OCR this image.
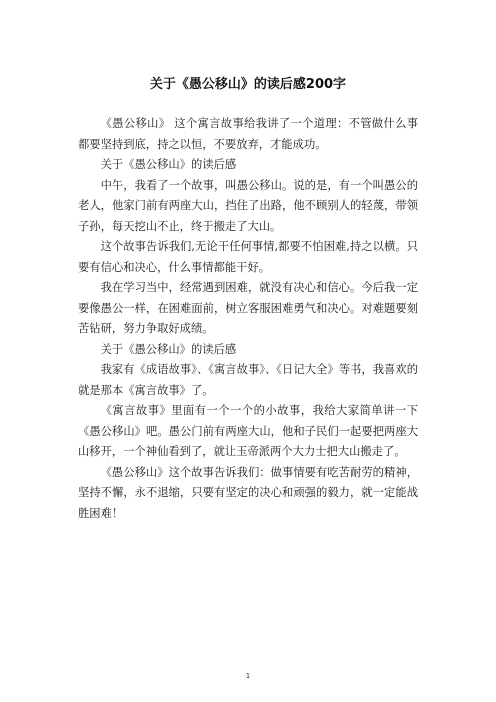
关于《愚公移山》的读后感200字

《愚公移山》 这个寓言故事给我讲了一个道理：不管做什么事都要坚持到底，持之以恒，不要放弃，才能成功。

关于《愚公移山》的读后感

中午，我看了一个故事，叫愚公移山。说的是，有一个叫愚公的老人，他家门前有两座大山，挡住了出路，他不顾别人的轻蔑，带领子孙，每天挖山不止，终于搬走了大山。

这个故事告诉我们,无论干任何事情,都要不怕困难,持之以横。只要有信心和决心，什么事情都能干好。

我在学习当中，经常遇到困难，就没有决心和信心。今后我一定要像愚公一样，在困难面前，树立客服困难勇气和决心。对难题要刻苦钻研，努力争取好成绩。

关于《愚公移山》的读后感

我家有《成语故事》、《寓言故事》、《日记大全》等书，我喜欢的就是那本《寓言故事》了。

《寓言故事》里面有一个一个的小故事，我给大家简单讲一下《愚公移山》吧。愚公门前有两座大山，他和子民们一起要把两座大山移开，一个神仙看到了，就让玉帝派两个大力士把大山搬走了。

《愚公移山》这个故事告诉我们：做事情要有吃苦耐劳的精神，坚持不懈，永不退缩，只要有坚定的决心和顽强的毅力，就一定能战胜困难！

1
